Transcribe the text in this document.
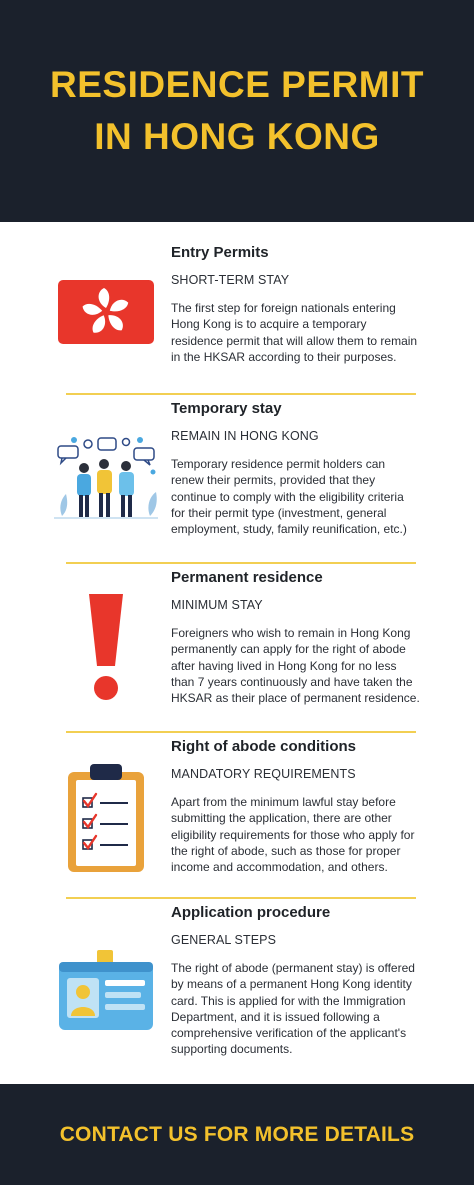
RESIDENCE PERMIT
IN HONG KONG

Entry Permits

SHORT-TERM STAY

The first step for foreign nationals entering Hong Kong is to acquire a temporary residence permit that will allow them to remain in the HKSAR according to their purposes.

Temporary stay

REMAIN IN HONG KONG

Temporary residence permit holders can renew their permits, provided that they continue to comply with the eligibility criteria for their permit type (investment, general employment, study, family reunification, etc.)

Permanent residence

MINIMUM STAY

Foreigners who wish to remain in Hong Kong permanently can apply for the right of abode after having lived in Hong Kong for no less than 7 years continuously and have taken the HKSAR as their place of permanent residence.

Right of abode conditions

MANDATORY REQUIREMENTS

Apart from the minimum lawful stay before submitting the application, there are other eligibility requirements for those who apply for the right of abode, such as those for proper income and accommodation, and others.

Application procedure

GENERAL STEPS

The right of abode (permanent stay) is offered by means of a permanent Hong Kong identity card. This is applied for with the Immigration Department, and it is issued following a comprehensive verification of the applicant's supporting documents.

CONTACT US FOR MORE DETAILS
